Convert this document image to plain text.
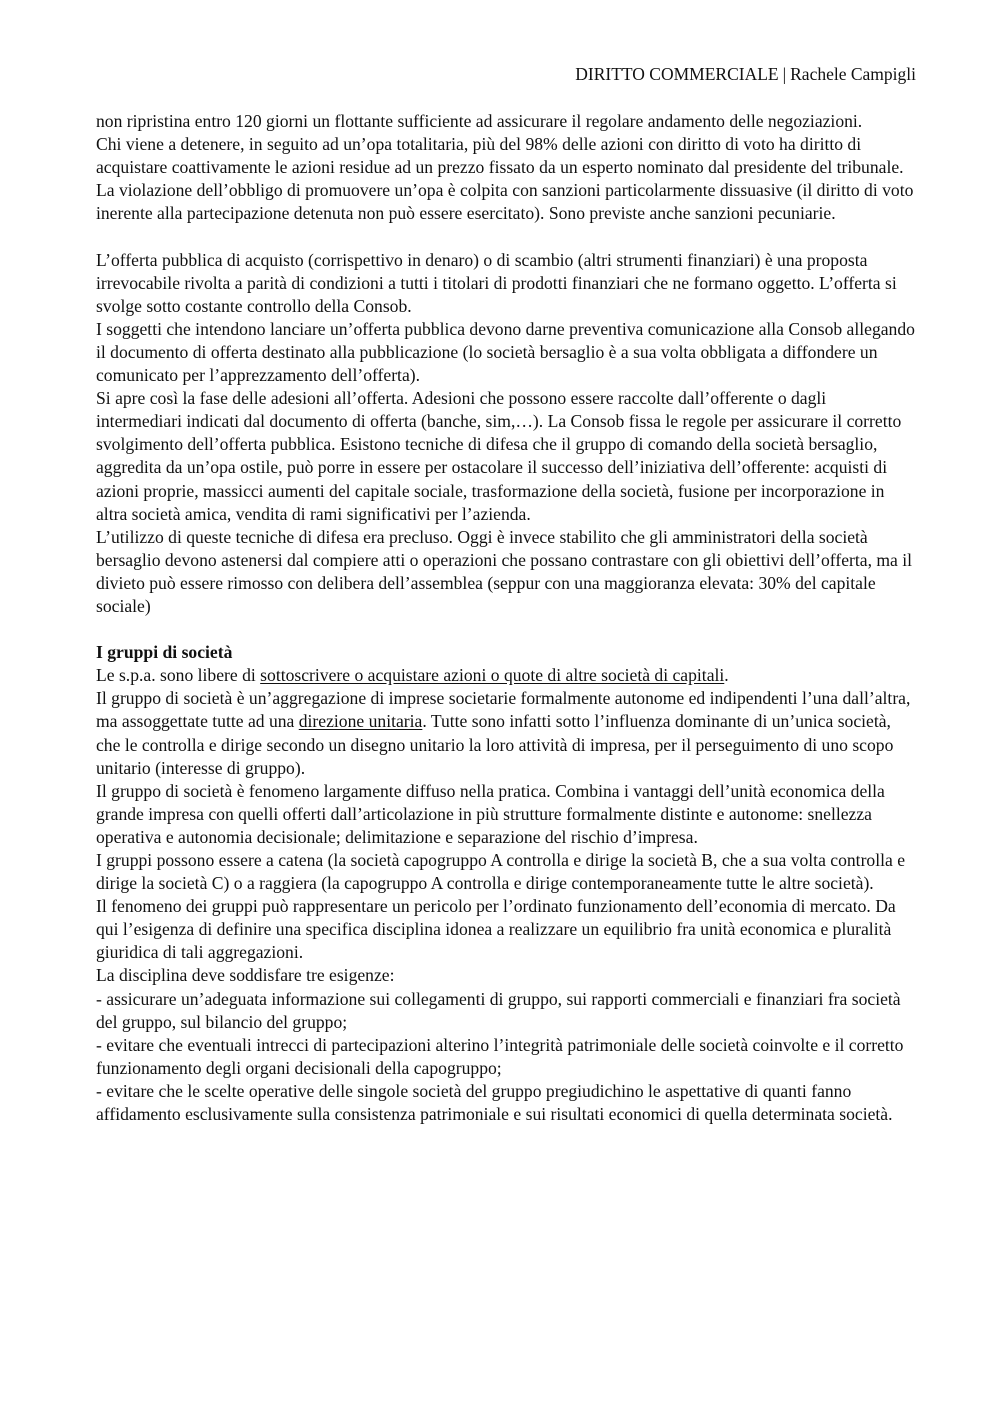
DIRITTO COMMERCIALE | Rachele Campigli

non ripristina entro 120 giorni un flottante sufficiente ad assicurare il regolare andamento delle negoziazioni.

Chi viene a detenere, in seguito ad un’opa totalitaria, più del 98% delle azioni con diritto di voto ha diritto di acquistare coattivamente le azioni residue ad un prezzo fissato da un esperto nominato dal presidente del tribunale.

La violazione dell’obbligo di promuovere un’opa è colpita con sanzioni particolarmente dissuasive (il diritto di voto inerente alla partecipazione detenuta non può essere esercitato). Sono previste anche sanzioni pecuniarie.

L’offerta pubblica di acquisto (corrispettivo in denaro) o di scambio (altri strumenti finanziari) è una proposta irrevocabile rivolta a parità di condizioni a tutti i titolari di prodotti finanziari che ne formano oggetto. L’offerta si svolge sotto costante controllo della Consob.

I soggetti che intendono lanciare un’offerta pubblica devono darne preventiva comunicazione alla Consob allegando il documento di offerta destinato alla pubblicazione (lo società bersaglio è a sua volta obbligata a diffondere un comunicato per l’apprezzamento dell’offerta).

Si apre così la fase delle adesioni all’offerta. Adesioni che possono essere raccolte dall’offerente o dagli intermediari indicati dal documento di offerta (banche, sim,…). La Consob fissa le regole per assicurare il corretto svolgimento dell’offerta pubblica. Esistono tecniche di difesa che il gruppo di comando della società bersaglio, aggredita da un’opa ostile, può porre in essere per ostacolare il successo dell’iniziativa dell’offerente: acquisti di azioni proprie, massicci aumenti del capitale sociale, trasformazione della società, fusione per incorporazione in altra società amica, vendita di rami significativi per l’azienda.

L’utilizzo di queste tecniche di difesa era precluso. Oggi è invece stabilito che gli amministratori della società bersaglio devono astenersi dal compiere atti o operazioni che possano contrastare con gli obiettivi dell’offerta, ma il divieto può essere rimosso con delibera dell’assemblea (seppur con una maggioranza elevata: 30% del capitale sociale)

I gruppi di società

Le s.p.a. sono libere di sottoscrivere o acquistare azioni o quote di altre società di capitali.

Il gruppo di società è un’aggregazione di imprese societarie formalmente autonome ed indipendenti l’una dall’altra, ma assoggettate tutte ad una direzione unitaria. Tutte sono infatti sotto l’influenza dominante di un’unica società, che le controlla e dirige secondo un disegno unitario la loro attività di impresa, per il perseguimento di uno scopo unitario (interesse di gruppo).

Il gruppo di società è fenomeno largamente diffuso nella pratica. Combina i vantaggi dell’unità economica della grande impresa con quelli offerti dall’articolazione in più strutture formalmente distinte e autonome: snellezza operativa e autonomia decisionale; delimitazione e separazione del rischio d’impresa.

I gruppi possono essere a catena (la società capogruppo A controlla e dirige la società B, che a sua volta controlla e dirige la società C) o a raggiera (la capogruppo A controlla e dirige contemporaneamente tutte le altre società).

Il fenomeno dei gruppi può rappresentare un pericolo per l’ordinato funzionamento dell’economia di mercato. Da qui l’esigenza di definire una specifica disciplina idonea a realizzare un equilibrio fra unità economica e pluralità giuridica di tali aggregazioni.

La disciplina deve soddisfare tre esigenze:

- assicurare un’adeguata informazione sui collegamenti di gruppo, sui rapporti commerciali e finanziari fra società del gruppo, sul bilancio del gruppo;

- evitare che eventuali intrecci di partecipazioni alterino l’integrità patrimoniale delle società coinvolte e il corretto funzionamento degli organi decisionali della capogruppo;

- evitare che le scelte operative delle singole società del gruppo pregiudichino le aspettative di quanti fanno affidamento esclusivamente sulla consistenza patrimoniale e sui risultati economici di quella determinata società.
